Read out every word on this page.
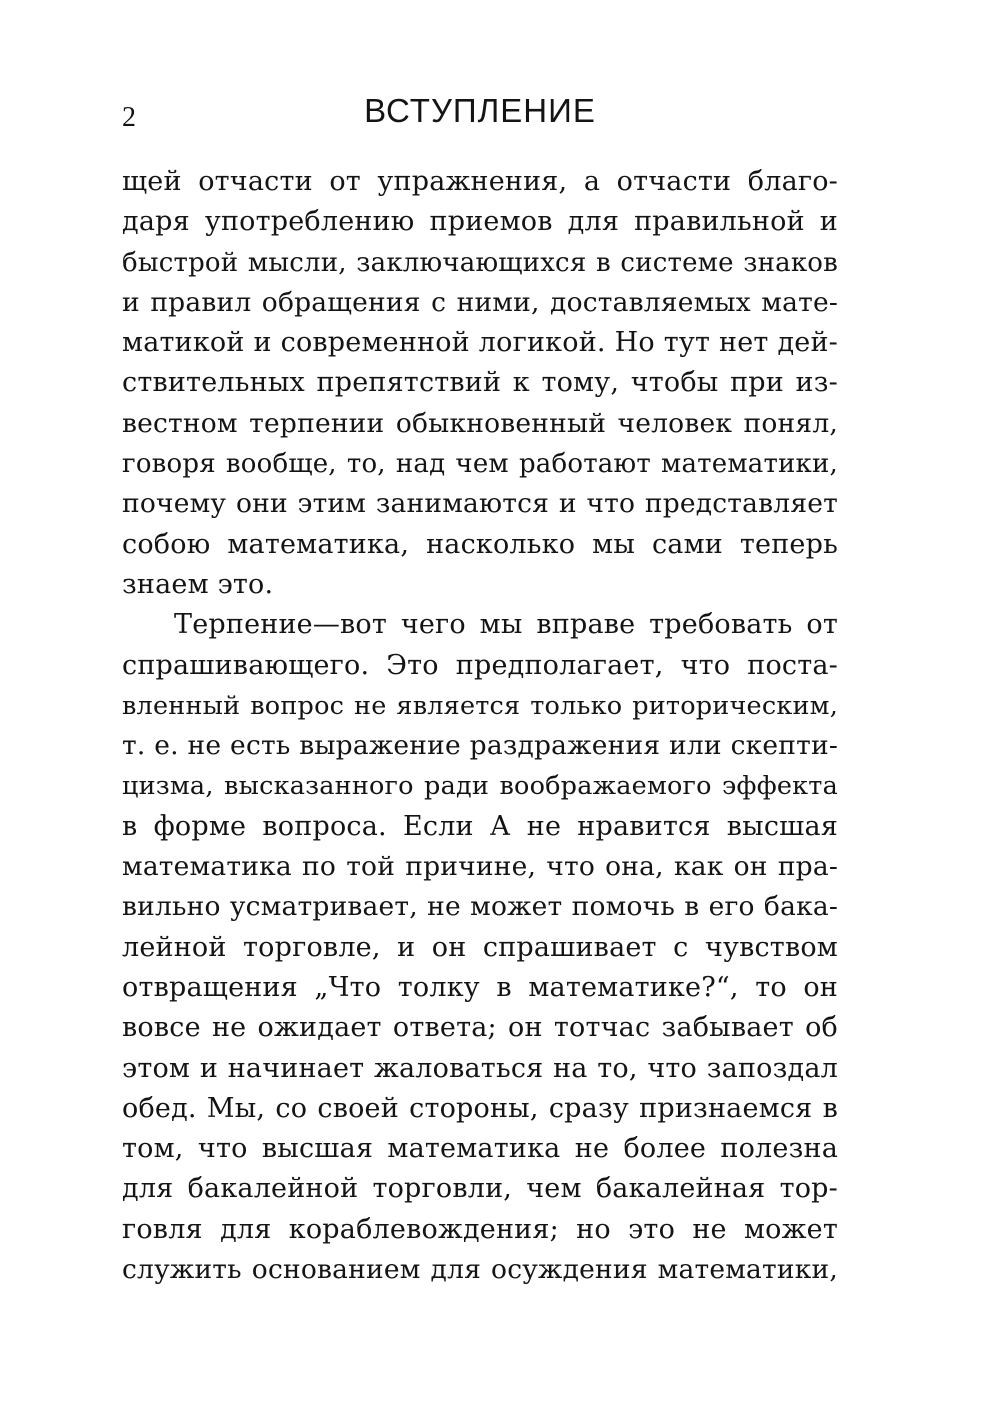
2	ВСТУПЛЕНИЕ
щей отчасти от упражнения, а отчасти благо-
даря употреблению приемов для правильной и
быстрой мысли, заключающихся в системе знаков
и правил обращения с ними, доставляемых мате-
матикой и современной логикой. Но тут нет дей-
ствительных препятствий к тому, чтобы при из-
вестном терпении обыкновенный человек понял,
говоря вообще, то, над чем работают математики,
почему они этим занимаются и что представляет
собою математика, насколько мы сами теперь
знаем это.
Терпение—вот чего мы вправе требовать от
спрашивающего. Это предполагает, что поста-
вленный вопрос не является только риторическим,
т. е. не есть выражение раздражения или скепти-
цизма, высказанного ради воображаемого эффекта
в форме вопроса. Если А не нравится высшая
математика по той причине, что она, как он пра-
вильно усматривает, не может помочь в его бака-
лейной торговле, и он спрашивает с чувством
отвращения „Что толку в математике?“, то он
вовсе не ожидает ответа; он тотчас забывает об
этом и начинает жаловаться на то, что запоздал
обед. Мы, со своей стороны, сразу признаемся в
том, что высшая математика не более полезна
для бакалейной торговли, чем бакалейная тор-
говля для кораблевождения; но это не может
служить основанием для осуждения математики,
